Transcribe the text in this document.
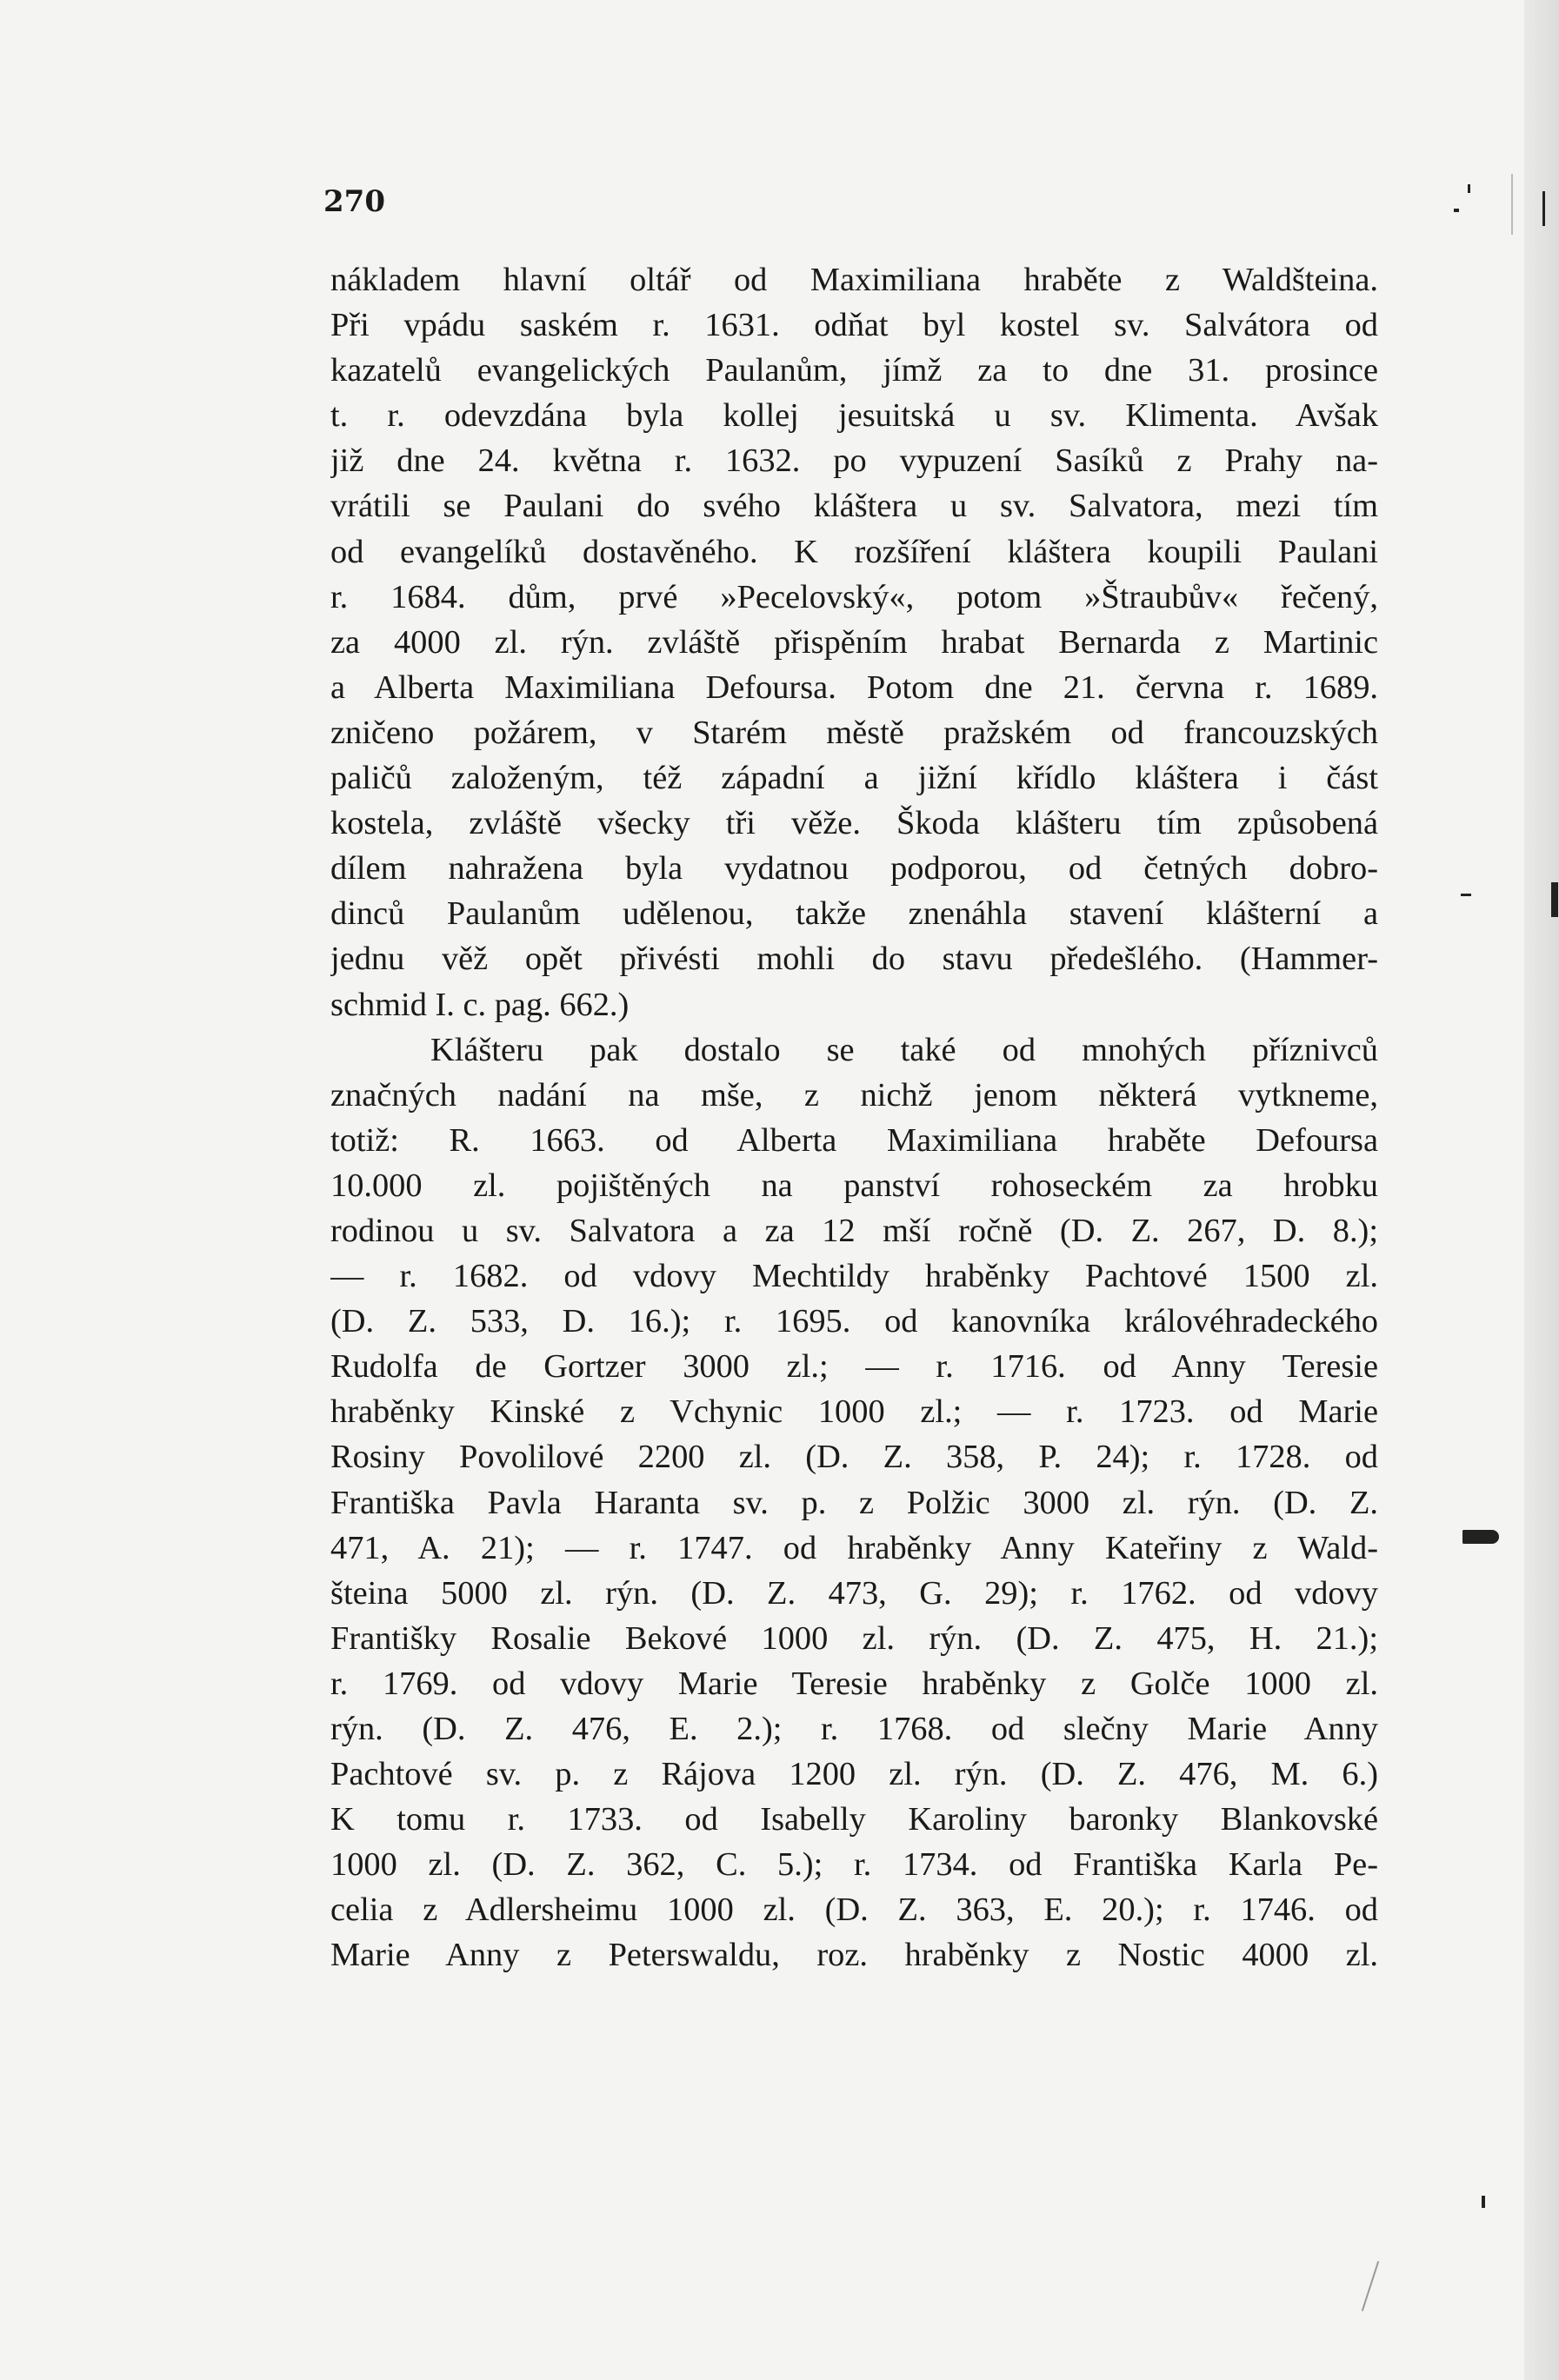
270
nákladem hlavní oltář od Maximiliana hraběte z Waldšteina.
Při vpádu saském r. 1631. odňat byl kostel sv. Salvátora od
kazatelů evangelických Paulanům, jímž za to dne 31. prosince
t. r. odevzdána byla kollej jesuitská u sv. Klimenta. Avšak
již dne 24. května r. 1632. po vypuzení Sasíků z Prahy na-
vrátili se Paulani do svého kláštera u sv. Salvatora, mezi tím
od evangelíků dostavěného. K rozšíření kláštera koupili Paulani
r. 1684. dům, prvé »Pecelovský«, potom »Štraubův« řečený,
za 4000 zl. rýn. zvláště přispěním hrabat Bernarda z Martinic
a Alberta Maximiliana Defoursa. Potom dne 21. června r. 1689.
zničeno požárem, v Starém městě pražském od francouzských
paličů založeným, též západní a jižní křídlo kláštera i část
kostela, zvláště všecky tři věže. Škoda klášteru tím způsobená
dílem nahražena byla vydatnou podporou, od četných dobro-
dinců Paulanům udělenou, takže znenáhla stavení klášterní a
jednu věž opět přivésti mohli do stavu předešlého. (Hammer-
schmid I. c. pag. 662.)
Klášteru pak dostalo se také od mnohých příznivců
značných nadání na mše, z nichž jenom některá vytkneme,
totiž: R. 1663. od Alberta Maximiliana hraběte Defoursa
10.000 zl. pojištěných na panství rohoseckém za hrobku
rodinou u sv. Salvatora a za 12 mší ročně (D. Z. 267, D. 8.);
— r. 1682. od vdovy Mechtildy hraběnky Pachtové 1500 zl.
(D. Z. 533, D. 16.); r. 1695. od kanovníka královéhradeckého
Rudolfa de Gortzer 3000 zl.; — r. 1716. od Anny Teresie
hraběnky Kinské z Vchynic 1000 zl.; — r. 1723. od Marie
Rosiny Povolilové 2200 zl. (D. Z. 358, P. 24); r. 1728. od
Františka Pavla Haranta sv. p. z Polžic 3000 zl. rýn. (D. Z.
471, A. 21); — r. 1747. od hraběnky Anny Kateřiny z Wald-
šteina 5000 zl. rýn. (D. Z. 473, G. 29); r. 1762. od vdovy
Františky Rosalie Bekové 1000 zl. rýn. (D. Z. 475, H. 21.);
r. 1769. od vdovy Marie Teresie hraběnky z Golče 1000 zl.
rýn. (D. Z. 476, E. 2.); r. 1768. od slečny Marie Anny
Pachtové sv. p. z Rájova 1200 zl. rýn. (D. Z. 476, M. 6.)
K tomu r. 1733. od Isabelly Karoliny baronky Blankovské
1000 zl. (D. Z. 362, C. 5.); r. 1734. od Františka Karla Pe-
celia z Adlersheimu 1000 zl. (D. Z. 363, E. 20.); r. 1746. od
Marie Anny z Peterswaldu, roz. hraběnky z Nostic 4000 zl.
